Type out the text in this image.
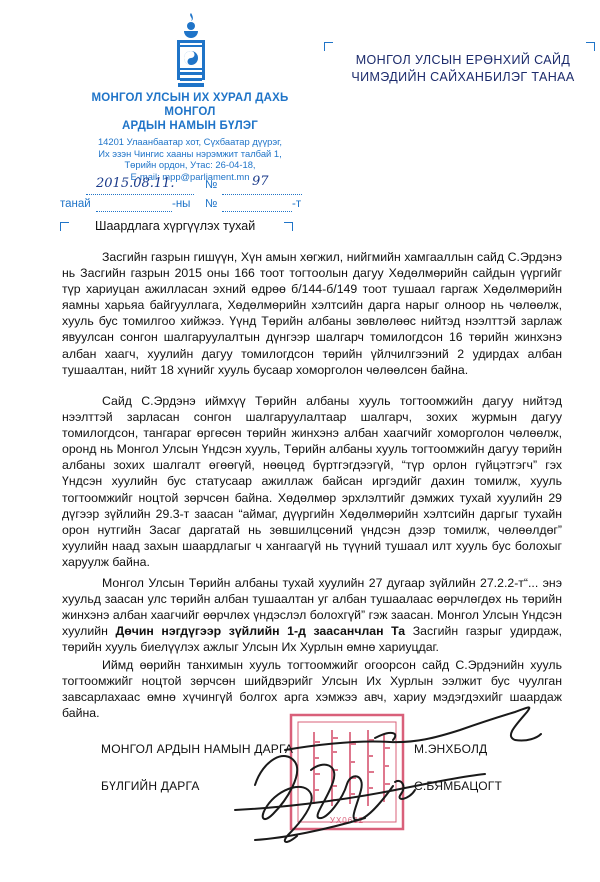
МОНГОЛ УЛСЫН ИХ ХУРАЛ ДАХЬ
МОНГОЛ
АРДЫН НАМЫН БҮЛЭГ
14201 Улаанбаатар хот, Сүхбаатар дүүрэг,
Их эзэн Чингис хааны нэрэмжит талбай 1,
Төрийн ордон, Утас: 26-04-18,
E-mail: mpp@parliament.mn
МОНГОЛ УЛСЫН ЕРӨНХИЙ САЙД
ЧИМЭДИЙН САЙХАНБИЛЭГ ТАНАА
2015.08.11.	№	97
танай	-ны №	-т
Шаардлага хүргүүлэх тухай

Засгийн газрын гишүүн, Хүн амын хөгжил, нийгмийн хамгааллын сайд С.Эрдэнэ нь Засгийн газрын 2015 оны 166 тоот тогтоолын дагуу Хөдөлмөрийн сайдын үүргийг түр хариуцан ажилласан эхний өдрөө б/144-б/149 тоот тушаал гаргаж Хөдөлмөрийн яамны харьяа байгууллага, Хөдөлмөрийн хэлтсийн дарга нарыг олноор нь чөлөөлж, хууль бус томилгоо хийжээ. Үүнд Төрийн албаны зөвлөлөөс нийтэд нээлттэй зарлаж явуулсан сонгон шалгаруулалтын дүнгээр шалгарч томилогдсон 16 төрийн жинхэнэ албан хаагч, хуулийн дагуу томилогдсон төрийн үйлчилгээний 2 удирдах албан тушаалтан, нийт 18 хүнийг хууль бусаар хоморголон чөлөөлсөн байна.

Сайд С.Эрдэнэ иймхүү Төрийн албаны хууль тогтоомжийн дагуу нийтэд нээлттэй зарласан сонгон шалгаруулалтаар шалгарч, зохих журмын дагуу томилогдсон, тангараг өргөсөн төрийн жинхэнэ албан хаагчийг хоморголон чөлөөлж, оронд нь Монгол Улсын Үндсэн хууль, Төрийн албаны хууль тогтоомжийн дагуу төрийн албаны зохих шалгалт өгөөгүй, нөөцөд бүртгэгдээгүй, “түр орлон гүйцэтгэгч” гэх Үндсэн хуулийн бус статусаар ажиллаж байсан иргэдийг дахин томилж, хууль тогтоомжийг ноцтой зөрчсөн байна. Хөдөлмөр эрхлэлтийг дэмжих тухай хуулийн 29 дүгээр зүйлийн 29.3-т заасан “аймаг, дүүргийн Хөдөлмөрийн хэлтсийн даргыг тухайн орон нутгийн Засаг даргатай нь зөвшилцсөний үндсэн дээр томилж, чөлөөлдөг” хуулийн наад захын шаардлагыг ч хангаагүй нь түүний тушаал илт хууль бус болохыг харуулж байна.

Монгол Улсын Төрийн албаны тухай хуулийн 27 дугаар зүйлийн 27.2.2-т“... энэ хуульд заасан улс төрийн албан тушаалтан уг албан тушаалаас өөрчлөгдөх нь төрийн жинхэнэ албан хаагчийг өөрчлөх үндэслэл болохгүй” гэж заасан. Монгол Улсын Үндсэн хуулийн Дөчин нэгдүгээр зүйлийн 1-д заасанчлан Та Засгийн газрыг удирдаж, төрийн хууль биелүүлэх ажлыг Улсын Их Хурлын өмнө хариуцдаг.

Иймд өөрийн танхимын хууль тогтоомжийг огоорсон сайд С.Эрдэнийн хууль тогтоомжийг ноцтой зөрчсөн шийдвэрийг Улсын Их Хурлын ээлжит бус чуулган завсарлахаас өмнө хүчингүй болгох арга хэмжээ авч, хариу мэдэгдэхийг шаардаж байна.

УХ0632
МОНГОЛ АРДЫН НАМЫН ДАРГА	М.ЭНХБОЛД
БҮЛГИЙН ДАРГА	С.БЯМБАЦОГТ
